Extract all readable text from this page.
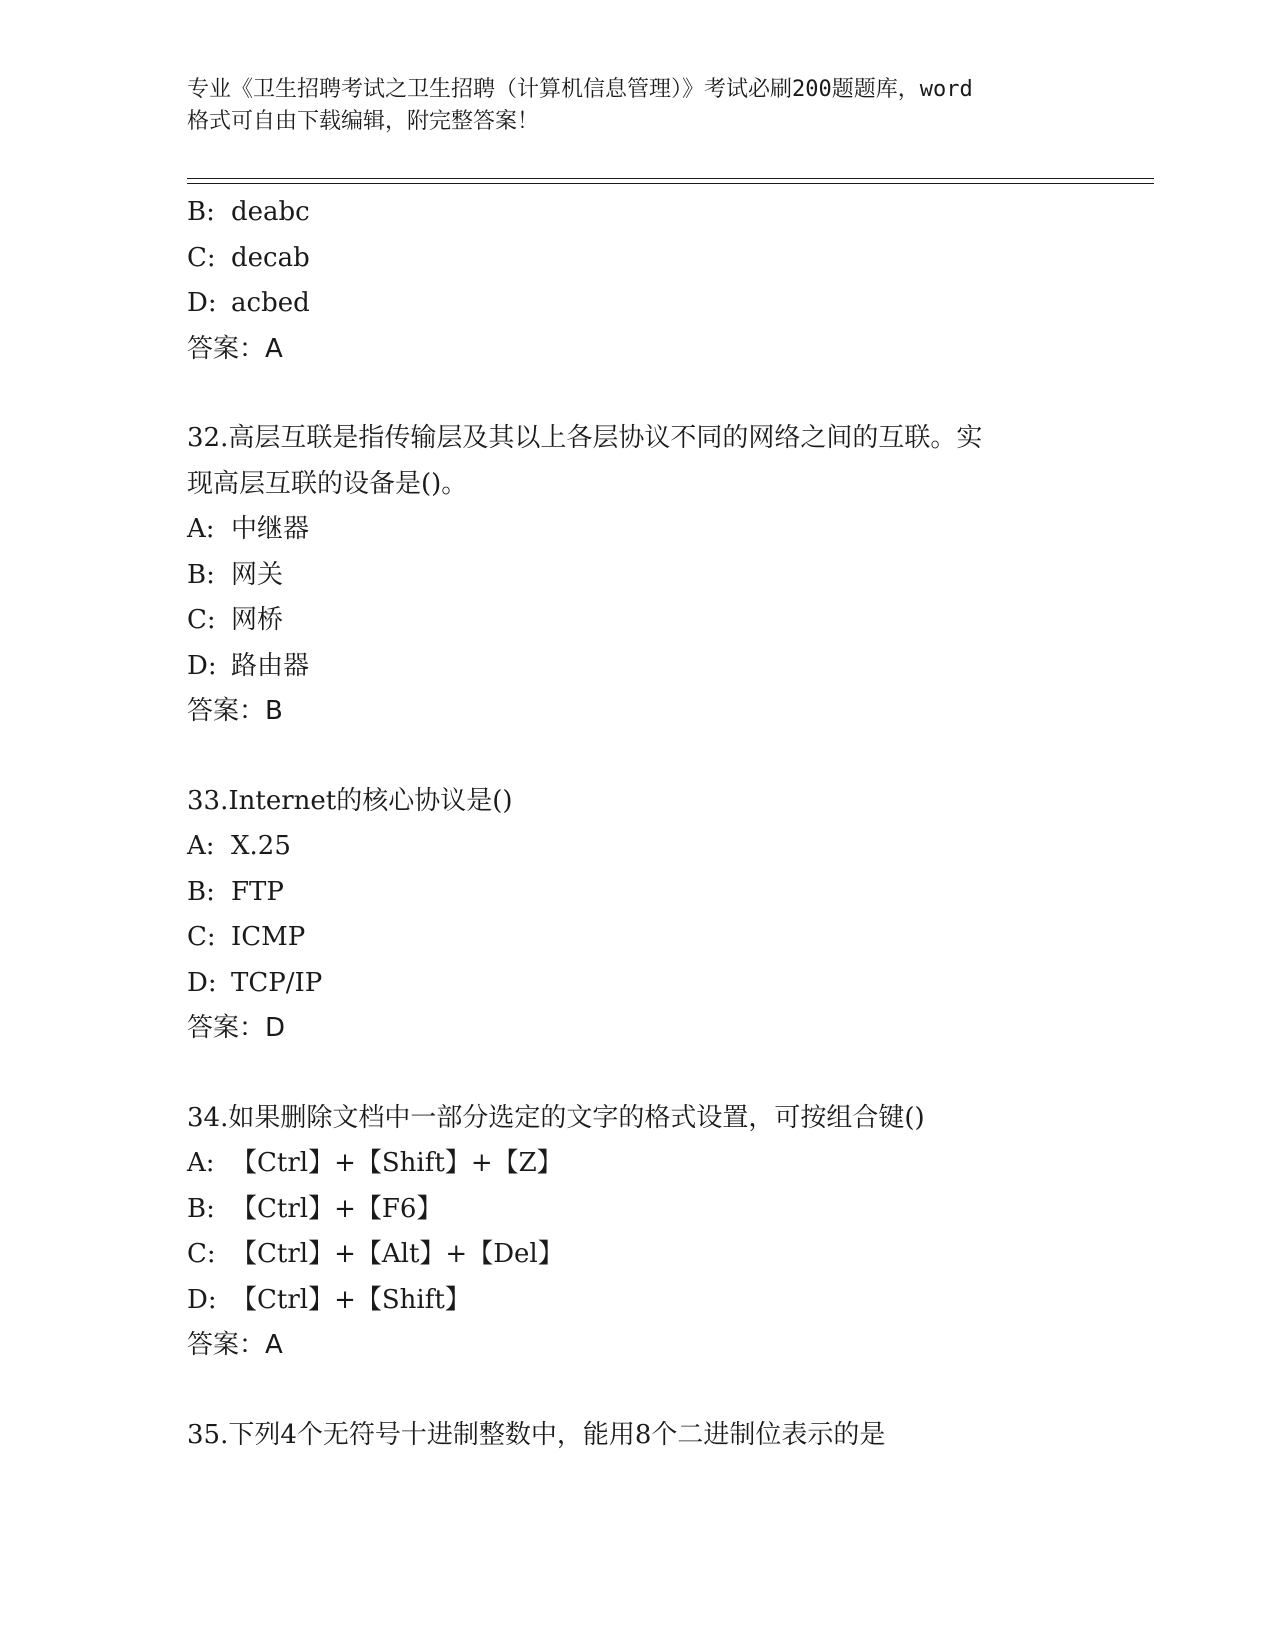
专业《卫生招聘考试之卫生招聘（计算机信息管理）》考试必刷200题题库，word
格式可自由下载编辑，附完整答案！
B: deabc
C: decab
D: acbed
答案：A
32.高层互联是指传输层及其以上各层协议不同的网络之间的互联。实
现高层互联的设备是()。
A: 中继器
B: 网关
C: 网桥
D: 路由器
答案：B
33.Internet的核心协议是()
A: X.25
B: FTP
C: ICMP
D: TCP/IP
答案：D
34.如果删除文档中一部分选定的文字的格式设置，可按组合键()
A: 【Ctrl】+【Shift】+【Z】
B: 【Ctrl】+【F6】
C: 【Ctrl】+【Alt】+【Del】
D: 【Ctrl】+【Shift】
答案：A
35.下列4个无符号十进制整数中，能用8个二进制位表示的是
